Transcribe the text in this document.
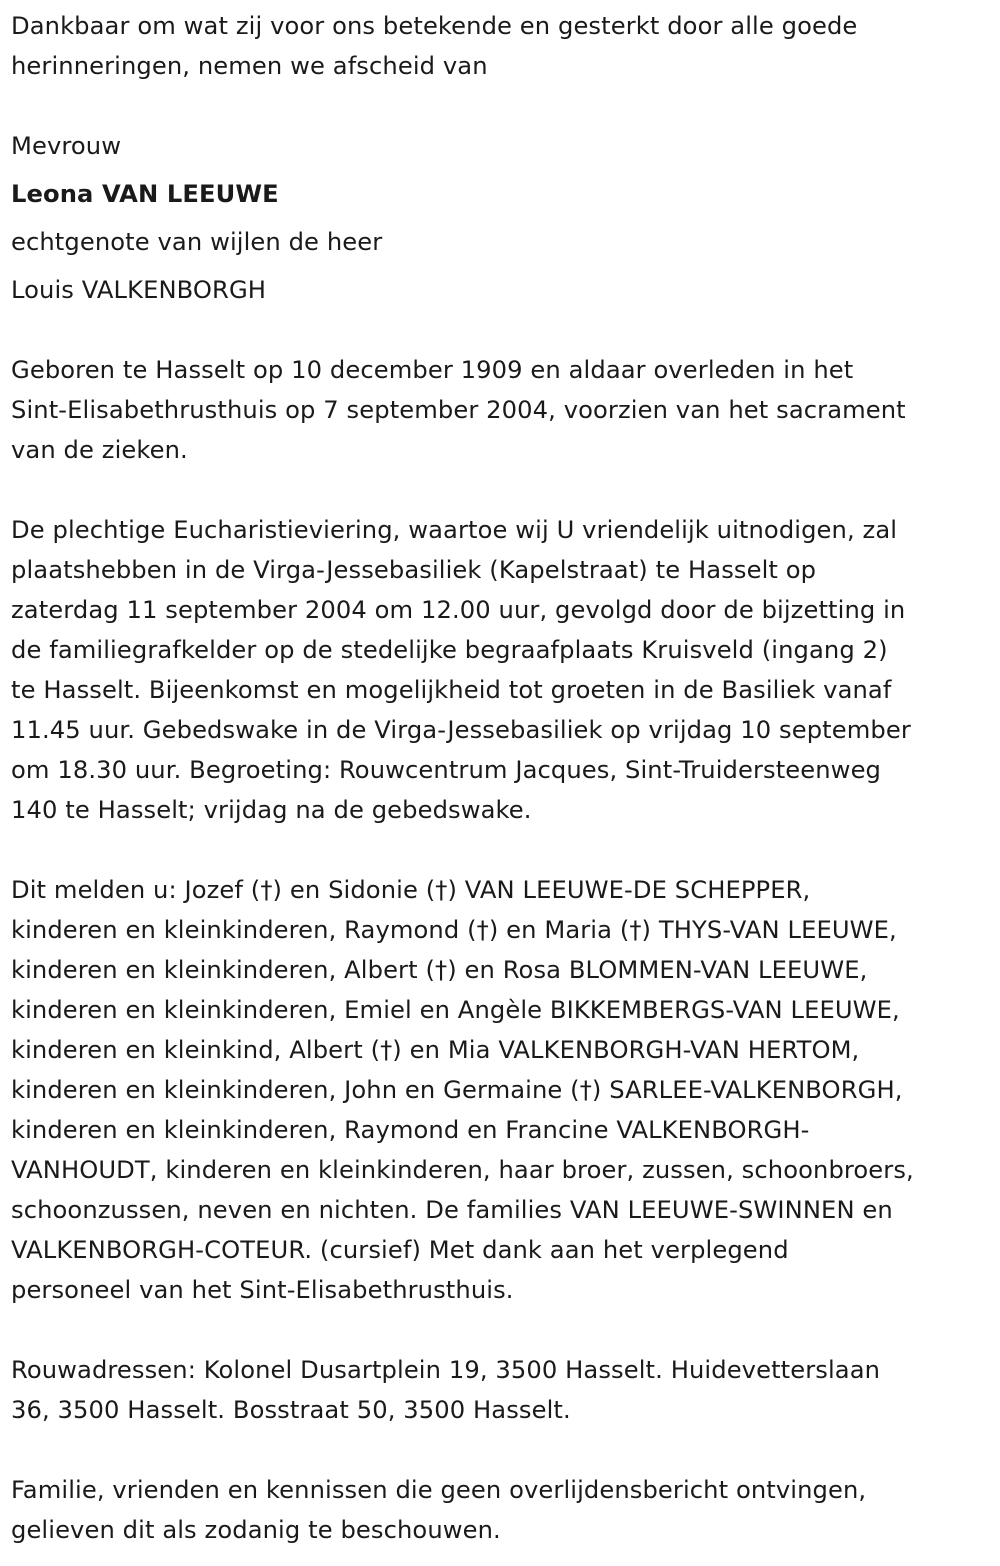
Dankbaar om wat zij voor ons betekende en gesterkt door alle goede
herinneringen, nemen we afscheid van

Mevrouw
Leona VAN LEEUWE
echtgenote van wijlen de heer
Louis VALKENBORGH

Geboren te Hasselt op 10 december 1909 en aldaar overleden in het
Sint-Elisabethrusthuis op 7 september 2004, voorzien van het sacrament
van de zieken.

De plechtige Eucharistieviering, waartoe wij U vriendelijk uitnodigen, zal
plaatshebben in de Virga-Jessebasiliek (Kapelstraat) te Hasselt op
zaterdag 11 september 2004 om 12.00 uur, gevolgd door de bijzetting in
de familiegrafkelder op de stedelijke begraafplaats Kruisveld (ingang 2)
te Hasselt. Bijeenkomst en mogelijkheid tot groeten in de Basiliek vanaf
11.45 uur. Gebedswake in de Virga-Jessebasiliek op vrijdag 10 september
om 18.30 uur. Begroeting: Rouwcentrum Jacques, Sint-Truidersteenweg
140 te Hasselt; vrijdag na de gebedswake.

Dit melden u: Jozef (†) en Sidonie (†) VAN LEEUWE-DE SCHEPPER,
kinderen en kleinkinderen, Raymond (†) en Maria (†) THYS-VAN LEEUWE,
kinderen en kleinkinderen, Albert (†) en Rosa BLOMMEN-VAN LEEUWE,
kinderen en kleinkinderen, Emiel en Angèle BIKKEMBERGS-VAN LEEUWE,
kinderen en kleinkind, Albert (†) en Mia VALKENBORGH-VAN HERTOM,
kinderen en kleinkinderen, John en Germaine (†) SARLEE-VALKENBORGH,
kinderen en kleinkinderen, Raymond en Francine VALKENBORGH-
VANHOUDT, kinderen en kleinkinderen, haar broer, zussen, schoonbroers,
schoonzussen, neven en nichten. De families VAN LEEUWE-SWINNEN en
VALKENBORGH-COTEUR. (cursief) Met dank aan het verplegend
personeel van het Sint-Elisabethrusthuis.

Rouwadressen: Kolonel Dusartplein 19, 3500 Hasselt. Huidevetterslaan
36, 3500 Hasselt. Bosstraat 50, 3500 Hasselt.

Familie, vrienden en kennissen die geen overlijdensbericht ontvingen,
gelieven dit als zodanig te beschouwen.
